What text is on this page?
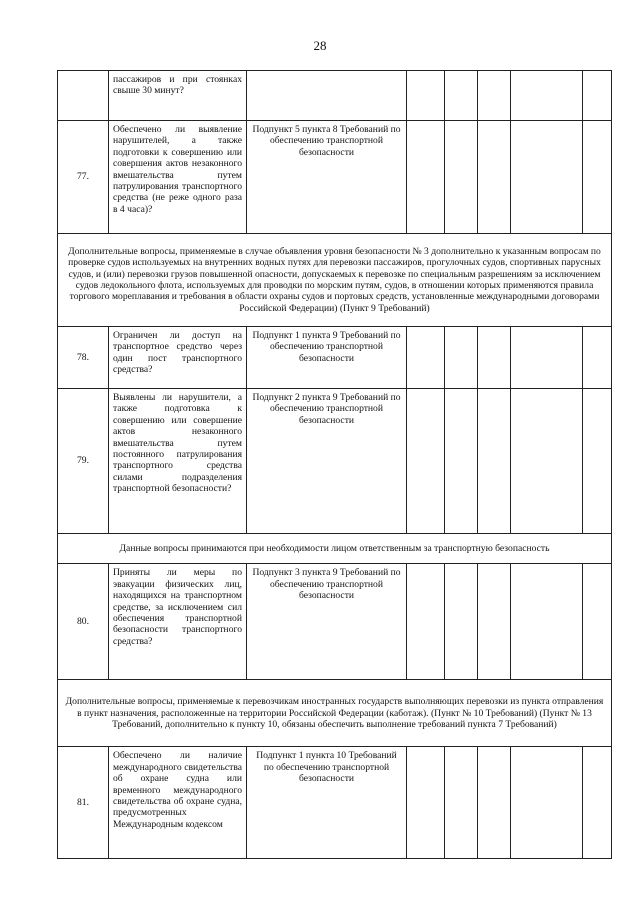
28
	пассажиров и при стоянках свыше 30 минут?						
77.	Обеспечено ли выявление нарушителей, а также подготовки к совершению или совершения актов незаконного вмешательства путем патрулирования транспортного средства (не реже одного раза в 4 часа)?	Подпункт 5 пункта 8 Требований по обеспечению транспортной безопасности					
Дополнительные вопросы, применяемые в случае объявления уровня безопасности № 3 дополнительно к указанным вопросам по проверке судов используемых на внутренних водных путях для перевозки пассажиров, прогулочных судов, спортивных парусных судов, и (или) перевозки грузов повышенной опасности, допускаемых к перевозке по специальным разрешениям за исключением судов ледокольного флота, используемых для проводки по морским путям, судов, в отношении которых применяются правила торгового мореплавания и требования в области охраны судов и портовых средств, установленные международными договорами Российской Федерации) (Пункт 9 Требований)							
78.	Ограничен ли доступ на транспортное средство через один пост транспортного средства?	Подпункт 1 пункта 9 Требований по обеспечению транспортной безопасности					
79.	Выявлены ли нарушители, а также подготовка к совершению или совершение актов незаконного вмешательства путем постоянного патрулирования транспортного средства силами подразделения транспортной безопасности?	Подпункт 2 пункта 9 Требований по обеспечению транспортной безопасности					
Данные вопросы принимаются при необходимости лицом ответственным за транспортную безопасность							
80.	Приняты ли меры по эвакуации физических лиц, находящихся на транспортном средстве, за исключением сил обеспечения транспортной безопасности транспортного средства?	Подпункт 3 пункта 9 Требований по обеспечению транспортной безопасности					
Дополнительные вопросы, применяемые к перевозчикам иностранных государств выполняющих перевозки из пункта отправления в пункт назначения, расположенные на территории Российской Федерации (каботаж). (Пункт № 10 Требований) (Пункт № 13 Требований, дополнительно к пункту 10, обязаны обеспечить выполнение требований пункта 7 Требований)							
81.	Обеспечено ли наличие международного свидетельства об охране судна или временного международного свидетельства об охране судна, предусмотренных Международным кодексом	Подпункт 1 пункта 10 Требований по обеспечению транспортной безопасности					
